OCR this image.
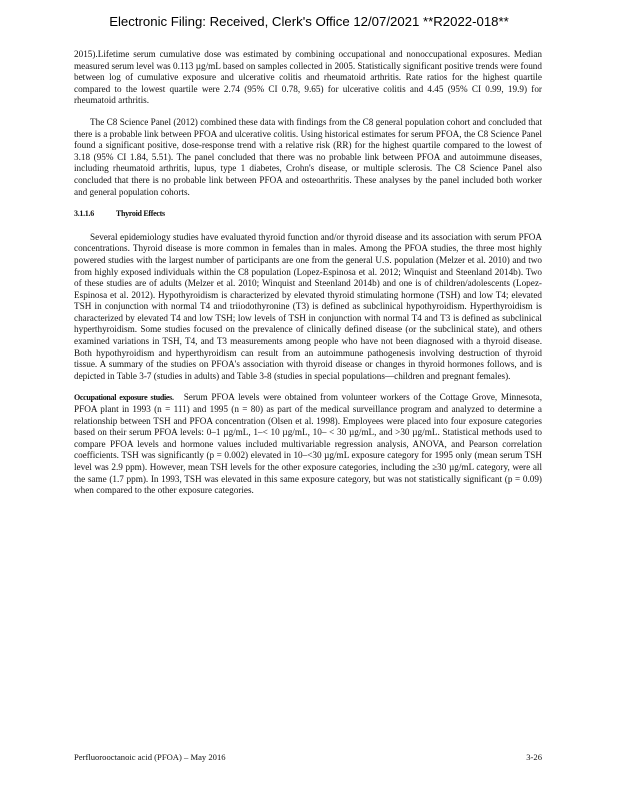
Electronic Filing: Received, Clerk's Office 12/07/2021 **R2022-018**

2015).Lifetime serum cumulative dose was estimated by combining occupational and nonoccupational exposures. Median measured serum level was 0.113 µg/mL based on samples collected in 2005. Statistically significant positive trends were found between log of cumulative exposure and ulcerative colitis and rheumatoid arthritis. Rate ratios for the highest quartile compared to the lowest quartile were 2.74 (95% CI 0.78, 9.65) for ulcerative colitis and 4.45 (95% CI 0.99, 19.9) for rheumatoid arthritis.

The C8 Science Panel (2012) combined these data with findings from the C8 general population cohort and concluded that there is a probable link between PFOA and ulcerative colitis. Using historical estimates for serum PFOA, the C8 Science Panel found a significant positive, dose-response trend with a relative risk (RR) for the highest quartile compared to the lowest of 3.18 (95% CI 1.84, 5.51). The panel concluded that there was no probable link between PFOA and autoimmune diseases, including rheumatoid arthritis, lupus, type 1 diabetes, Crohn's disease, or multiple sclerosis. The C8 Science Panel also concluded that there is no probable link between PFOA and osteoarthritis. These analyses by the panel included both worker and general population cohorts.

3.1.1.6	Thyroid Effects

Several epidemiology studies have evaluated thyroid function and/or thyroid disease and its association with serum PFOA concentrations. Thyroid disease is more common in females than in males. Among the PFOA studies, the three most highly powered studies with the largest number of participants are one from the general U.S. population (Melzer et al. 2010) and two from highly exposed individuals within the C8 population (Lopez-Espinosa et al. 2012; Winquist and Steenland 2014b). Two of these studies are of adults (Melzer et al. 2010; Winquist and Steenland 2014b) and one is of children/adolescents (Lopez-Espinosa et al. 2012). Hypothyroidism is characterized by elevated thyroid stimulating hormone (TSH) and low T4; elevated TSH in conjunction with normal T4 and triiodothyronine (T3) is defined as subclinical hypothyroidism. Hyperthyroidism is characterized by elevated T4 and low TSH; low levels of TSH in conjunction with normal T4 and T3 is defined as subclinical hyperthyroidism. Some studies focused on the prevalence of clinically defined disease (or the subclinical state), and others examined variations in TSH, T4, and T3 measurements among people who have not been diagnosed with a thyroid disease. Both hypothyroidism and hyperthyroidism can result from an autoimmune pathogenesis involving destruction of thyroid tissue. A summary of the studies on PFOA's association with thyroid disease or changes in thyroid hormones follows, and is depicted in Table 3-7 (studies in adults) and Table 3-8 (studies in special populations—children and pregnant females).

Occupational exposure studies. Serum PFOA levels were obtained from volunteer workers of the Cottage Grove, Minnesota, PFOA plant in 1993 (n = 111) and 1995 (n = 80) as part of the medical surveillance program and analyzed to determine a relationship between TSH and PFOA concentration (Olsen et al. 1998). Employees were placed into four exposure categories based on their serum PFOA levels: 0–1 µg/mL, 1–< 10 µg/mL, 10– < 30 µg/mL, and >30 µg/mL. Statistical methods used to compare PFOA levels and hormone values included multivariable regression analysis, ANOVA, and Pearson correlation coefficients. TSH was significantly (p = 0.002) elevated in 10–<30 µg/mL exposure category for 1995 only (mean serum TSH level was 2.9 ppm). However, mean TSH levels for the other exposure categories, including the ≥30 µg/mL category, were all the same (1.7 ppm). In 1993, TSH was elevated in this same exposure category, but was not statistically significant (p = 0.09) when compared to the other exposure categories.

Perfluorooctanoic acid (PFOA) – May 2016	3-26
